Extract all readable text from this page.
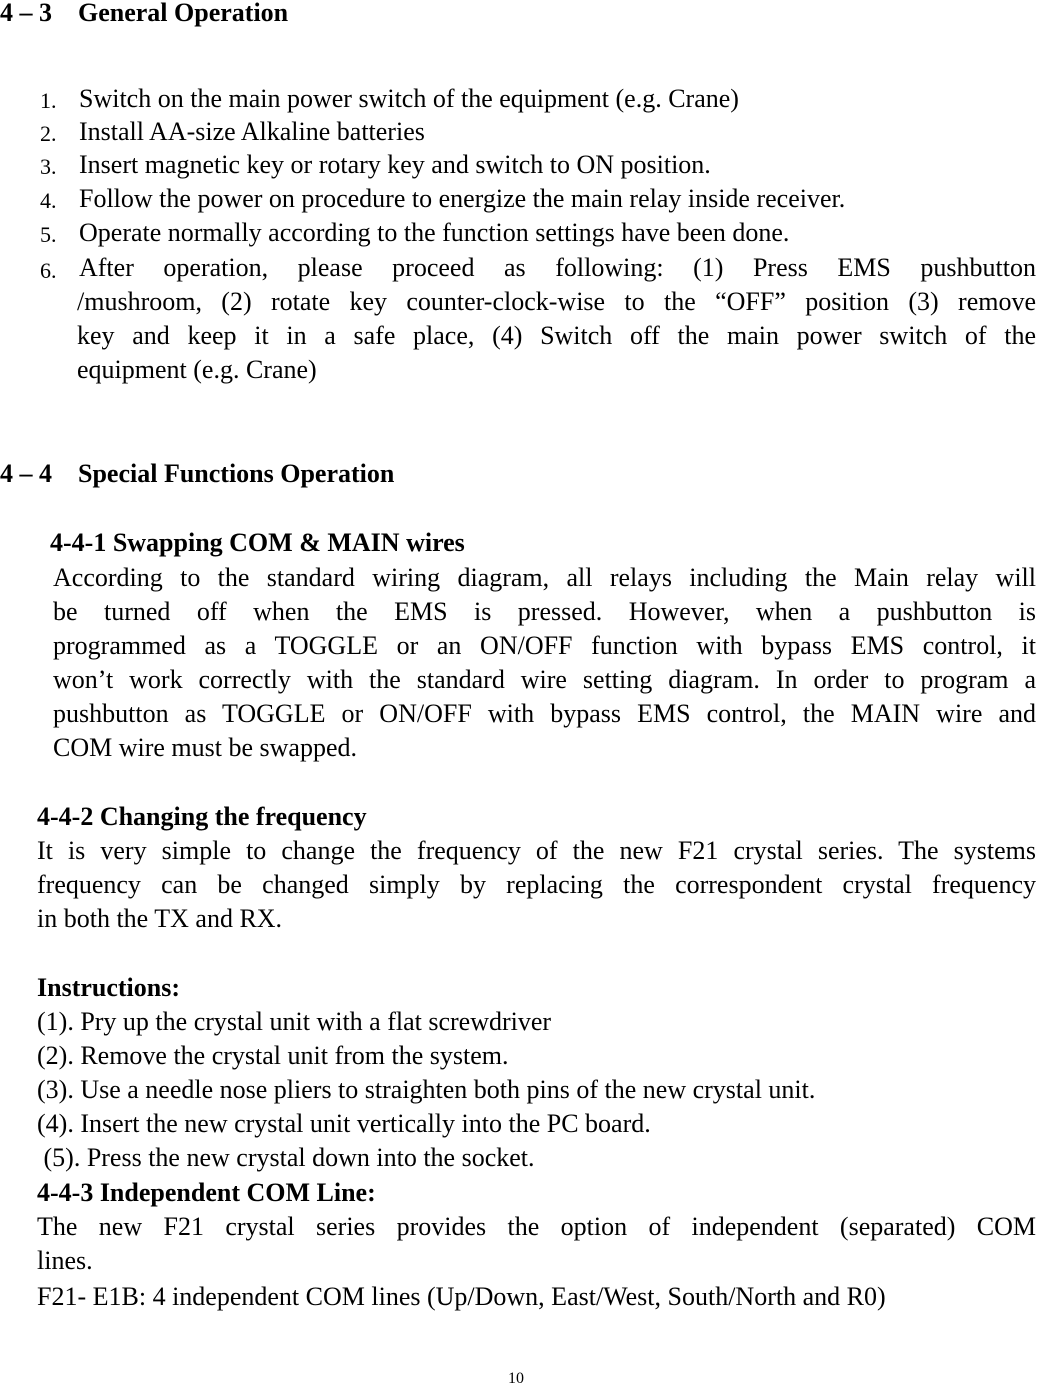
4 – 3    General Operation
1. Switch on the main power switch of the equipment (e.g. Crane)
2. Install AA-size Alkaline batteries
3. Insert magnetic key or rotary key and switch to ON position.
4. Follow the power on procedure to energize the main relay inside receiver.
5. Operate normally according to the function settings have been done.
6. After operation, please proceed as following: (1) Press EMS pushbutton
/mushroom, (2) rotate key counter-clock-wise to the “OFF” position (3) remove
key and keep it in a safe place, (4) Switch off the main power switch of the
equipment (e.g. Crane)
4 – 4    Special Functions Operation
4-4-1 Swapping COM & MAIN wires
According to the standard wiring diagram, all relays including the Main relay will
be turned off when the EMS is pressed. However, when a pushbutton is
programmed as a TOGGLE or an ON/OFF function with bypass EMS control, it
won’t work correctly with the standard wire setting diagram. In order to program a
pushbutton as TOGGLE or ON/OFF with bypass EMS control, the MAIN wire and
COM wire must be swapped.
4-4-2 Changing the frequency
It is very simple to change the frequency of the new F21 crystal series. The systems
frequency can be changed simply by replacing the correspondent crystal frequency
in both the TX and RX.
Instructions:
(1). Pry up the crystal unit with a flat screwdriver
(2). Remove the crystal unit from the system.
(3). Use a needle nose pliers to straighten both pins of the new crystal unit.
(4). Insert the new crystal unit vertically into the PC board.
(5). Press the new crystal down into the socket.
4-4-3 Independent COM Line:
The new F21 crystal series provides the option of independent (separated) COM
lines.
F21- E1B: 4 independent COM lines (Up/Down, East/West, South/North and R0)
10
